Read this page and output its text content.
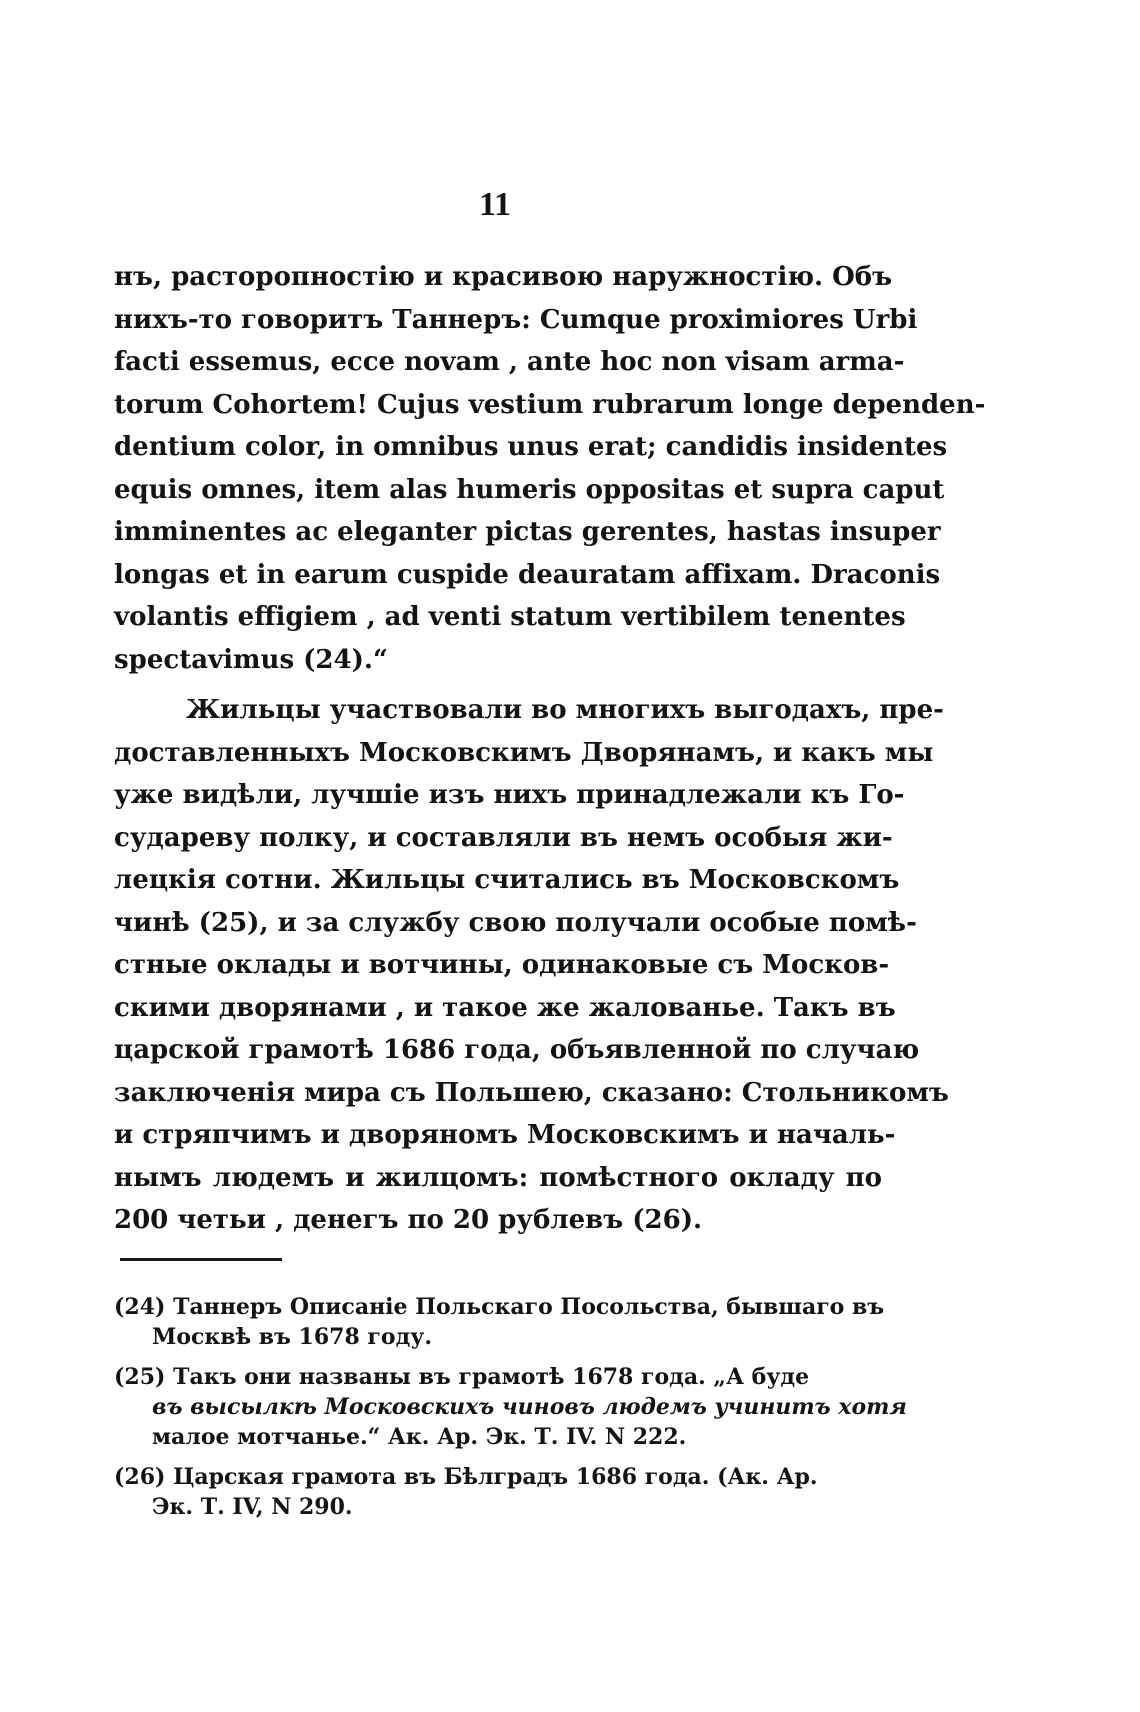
11
нъ, расторопностію и красивою наружностію. Объ
нихъ-то говоритъ Таннеръ: Cumque proximiores Urbi
facti essemus, ecce novam , ante hoc non visam arma-
torum Cohortem! Cujus vestium rubrarum longe dependen-
dentium color, in omnibus unus erat; candidis insidentes
equis omnes, item alas humeris oppositas et supra caput
imminentes ac eleganter pictas gerentes, hastas insuper
longas et in earum cuspide deauratam affixam. Draconis
volantis effigiem , ad venti statum vertibilem tenentes
spectavimus (24).“
Жильцы участвовали во многихъ выгодахъ, пре-
доставленныхъ Московскимъ Дворянамъ, и какъ мы
уже видѣли, лучшіе изъ нихъ принадлежали къ Го-
судареву полку, и составляли въ немъ особыя жи-
лецкія сотни. Жильцы считались въ Московскомъ
чинѣ (25), и за службу свою получали особые помѣ-
стные оклады и вотчины, одинаковые съ Москов-
скими дворянами , и такое же жалованье. Такъ въ
царской грамотѣ 1686 года, объявленной по случаю
заключенія мира съ Польшею, сказано: Стольникомъ
и стряпчимъ и дворяномъ Московскимъ и началь-
нымъ людемъ и жилцомъ: помѣстного окладу по
200 четьи , денегъ по 20 рублевъ (26).
(24) Таннеръ Описаніе Польскаго Посольства, бывшаго въ
Москвѣ въ 1678 году.
(25) Такъ они названы въ грамотѣ 1678 года. „А буде
въ высылкѣ Московскихъ чиновъ людемъ учинитъ хотя
малое мотчанье.“ Ак. Ар. Эк. Т. IV. N 222.
(26) Царская грамота въ Бѣлградъ 1686 года. (Ак. Ар.
Эк. Т. IV, N 290.
